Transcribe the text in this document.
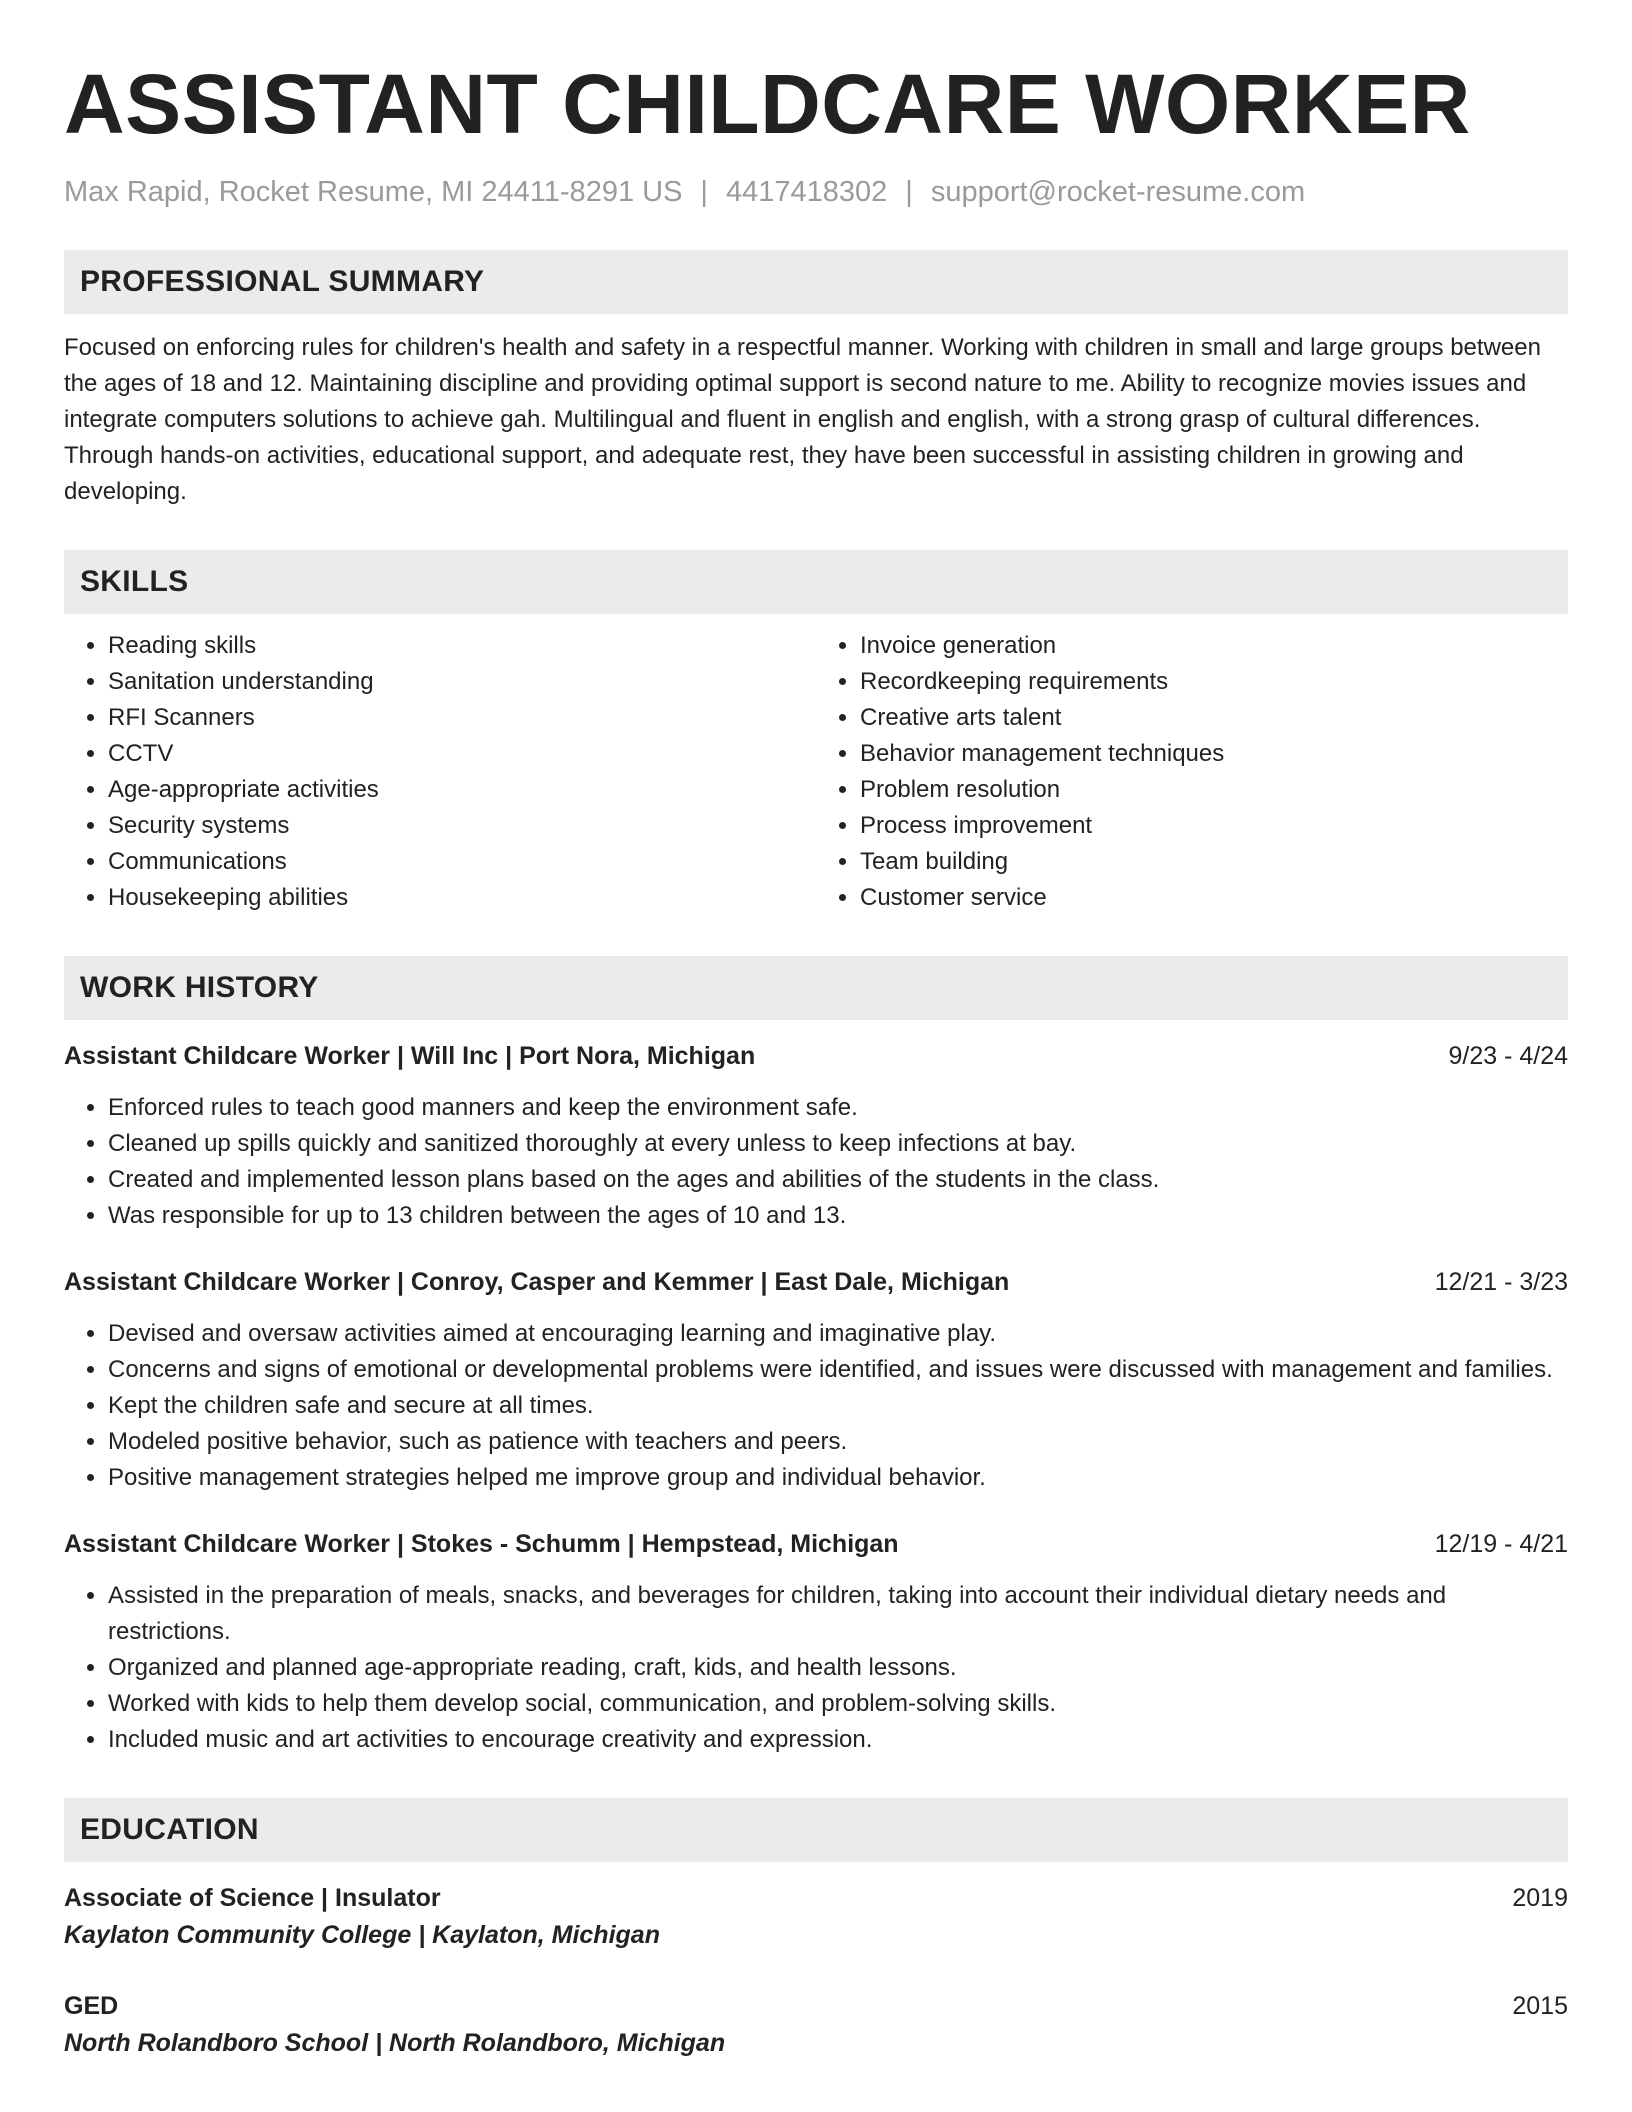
ASSISTANT CHILDCARE WORKER
Max Rapid, Rocket Resume, MI 24411-8291 US | 4417418302 | support@rocket-resume.com
PROFESSIONAL SUMMARY
Focused on enforcing rules for children's health and safety in a respectful manner. Working with children in small and large groups between the ages of 18 and 12. Maintaining discipline and providing optimal support is second nature to me. Ability to recognize movies issues and integrate computers solutions to achieve gah. Multilingual and fluent in english and english, with a strong grasp of cultural differences. Through hands-on activities, educational support, and adequate rest, they have been successful in assisting children in growing and developing.
SKILLS
• Reading skills
• Sanitation understanding
• RFI Scanners
• CCTV
• Age-appropriate activities
• Security systems
• Communications
• Housekeeping abilities
• Invoice generation
• Recordkeeping requirements
• Creative arts talent
• Behavior management techniques
• Problem resolution
• Process improvement
• Team building
• Customer service
WORK HISTORY
Assistant Childcare Worker | Will Inc | Port Nora, Michigan	9/23 - 4/24
• Enforced rules to teach good manners and keep the environment safe.
• Cleaned up spills quickly and sanitized thoroughly at every unless to keep infections at bay.
• Created and implemented lesson plans based on the ages and abilities of the students in the class.
• Was responsible for up to 13 children between the ages of 10 and 13.
Assistant Childcare Worker | Conroy, Casper and Kemmer | East Dale, Michigan	12/21 - 3/23
• Devised and oversaw activities aimed at encouraging learning and imaginative play.
• Concerns and signs of emotional or developmental problems were identified, and issues were discussed with management and families.
• Kept the children safe and secure at all times.
• Modeled positive behavior, such as patience with teachers and peers.
• Positive management strategies helped me improve group and individual behavior.
Assistant Childcare Worker | Stokes - Schumm | Hempstead, Michigan	12/19 - 4/21
• Assisted in the preparation of meals, snacks, and beverages for children, taking into account their individual dietary needs and restrictions.
• Organized and planned age-appropriate reading, craft, kids, and health lessons.
• Worked with kids to help them develop social, communication, and problem-solving skills.
• Included music and art activities to encourage creativity and expression.
EDUCATION
Associate of Science | Insulator	2019
Kaylaton Community College | Kaylaton, Michigan
GED	2015
North Rolandboro School | North Rolandboro, Michigan
